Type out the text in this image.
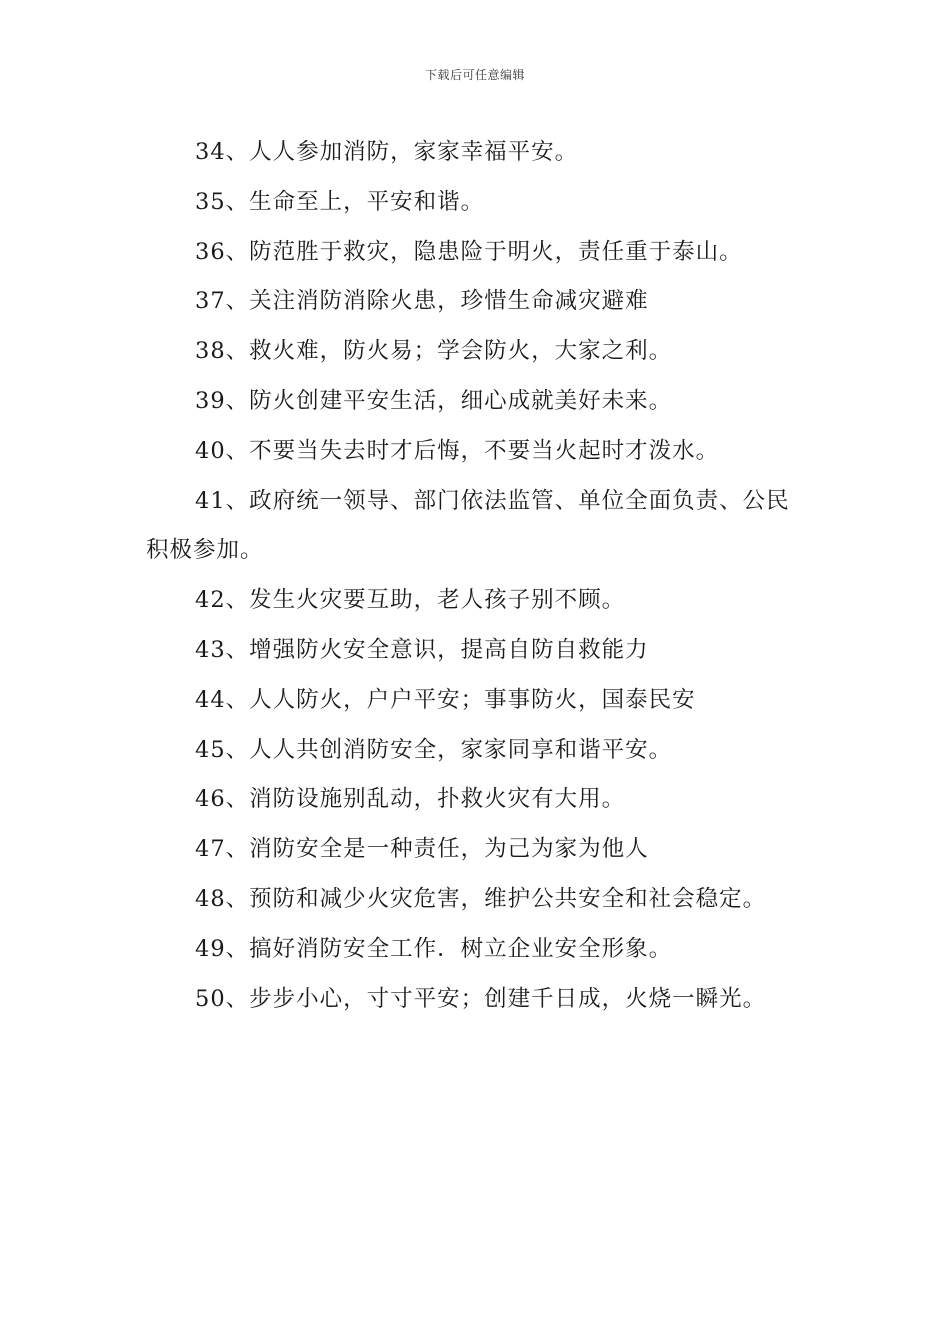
下载后可任意编辑

34、人人参加消防，家家幸福平安。

35、生命至上，平安和谐。

36、防范胜于救灾，隐患险于明火，责任重于泰山。

37、关注消防消除火患，珍惜生命减灾避难

38、救火难，防火易；学会防火，大家之利。

39、防火创建平安生活，细心成就美好未来。

40、不要当失去时才后悔，不要当火起时才泼水。

41、政府统一领导、部门依法监管、单位全面负责、公民积极参加。

42、发生火灾要互助，老人孩子别不顾。

43、增强防火安全意识，提高自防自救能力

44、人人防火，户户平安；事事防火，国泰民安

45、人人共创消防安全，家家同享和谐平安。

46、消防设施别乱动，扑救火灾有大用。

47、消防安全是一种责任，为己为家为他人

48、预防和减少火灾危害，维护公共安全和社会稳定。

49、搞好消防安全工作．树立企业安全形象。

50、步步小心，寸寸平安；创建千日成，火烧一瞬光。
